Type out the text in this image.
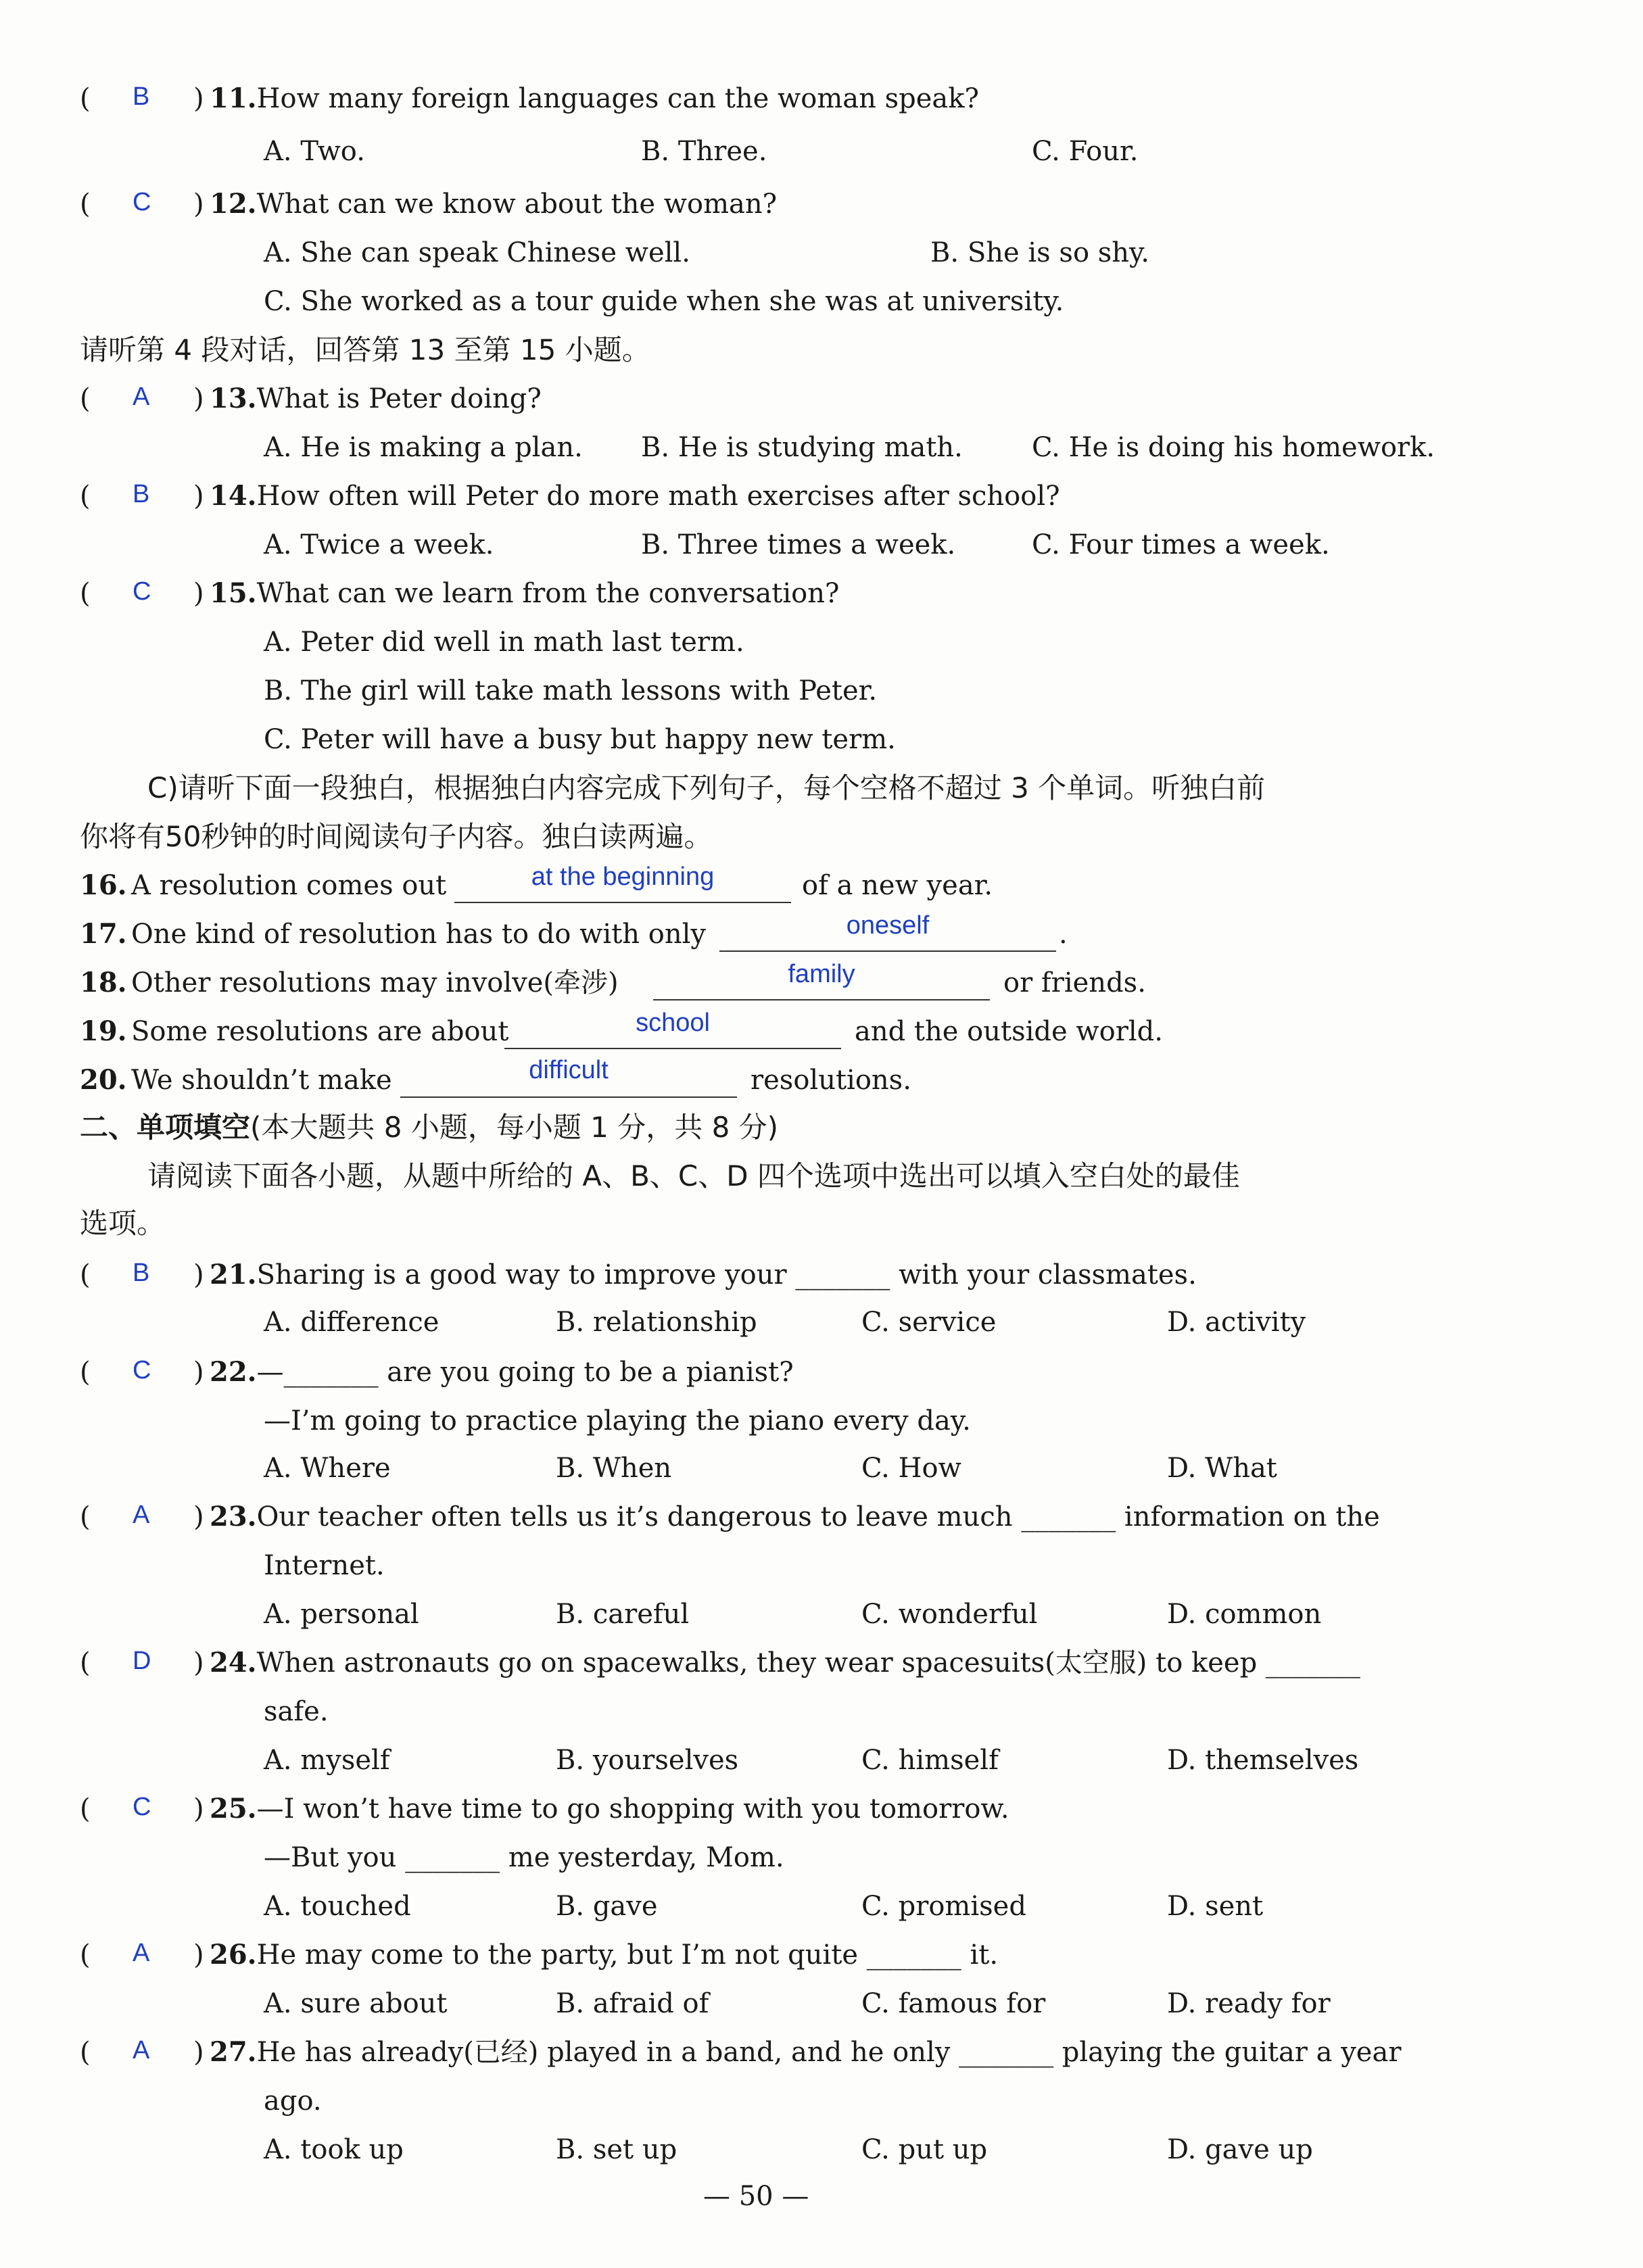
( B ) 11.How many foreign languages can the woman speak?
A. Two.	B. Three.	C. Four.
( C ) 12.What can we know about the woman?
A. She can speak Chinese well.	B. She is so shy.
C. She worked as a tour guide when she was at university.
请听第 4 段对话，回答第 13 至第 15 小题。
( A ) 13.What is Peter doing?
A. He is making a plan. B. He is studying math.	C. He is doing his homework.
( B ) 14.How often will Peter do more math exercises after school?
A. Twice a week.	B. Three times a week.	C. Four times a week.
( C ) 15.What can we learn from the conversation?
A. Peter did well in math last term.
B. The girl will take math lessons with Peter.
C. Peter will have a busy but happy new term.
C)请听下面一段独白，根据独白内容完成下列句子，每个空格不超过 3 个单词。听独白前
你将有50秒钟的时间阅读句子内容。独白读两遍。
16. A resolution comes out	at the beginning	of a new year.
17. One kind of resolution has to do with only	oneself	.
18. Other resolutions may involve(牵涉)	family	or friends.
19. Some resolutions are about	school	and the outside world.
20. We shouldn’t make	difficult	resolutions.
二、单项填空(本大题共 8 小题，每小题 1 分，共 8 分)
请阅读下面各小题，从题中所给的 A、B、C、D 四个选项中选出可以填入空白处的最佳
选项。
( B ) 21.Sharing is a good way to improve your _______ with your classmates.
A. difference	B. relationship	C. service	D. activity
( C ) 22.—_______ are you going to be a pianist?
—I’m going to practice playing the piano every day.
A. Where	B. When	C. How	D. What
( A ) 23.Our teacher often tells us it’s dangerous to leave much _______ information on the
Internet.
A. personal	B. careful	C. wonderful	D. common
( D ) 24.When astronauts go on spacewalks, they wear spacesuits(太空服) to keep _______
safe.
A. myself	B. yourselves	C. himself	D. themselves
( C ) 25.—I won’t have time to go shopping with you tomorrow.
—But you _______ me yesterday, Mom.
A. touched	B. gave	C. promised	D. sent
( A ) 26.He may come to the party, but I’m not quite _______ it.
A. sure about	B. afraid of	C. famous for	D. ready for
( A ) 27.He has already(已经) played in a band, and he only _______ playing the guitar a year
ago.
A. took up	B. set up	C. put up	D. gave up
— 50 —
